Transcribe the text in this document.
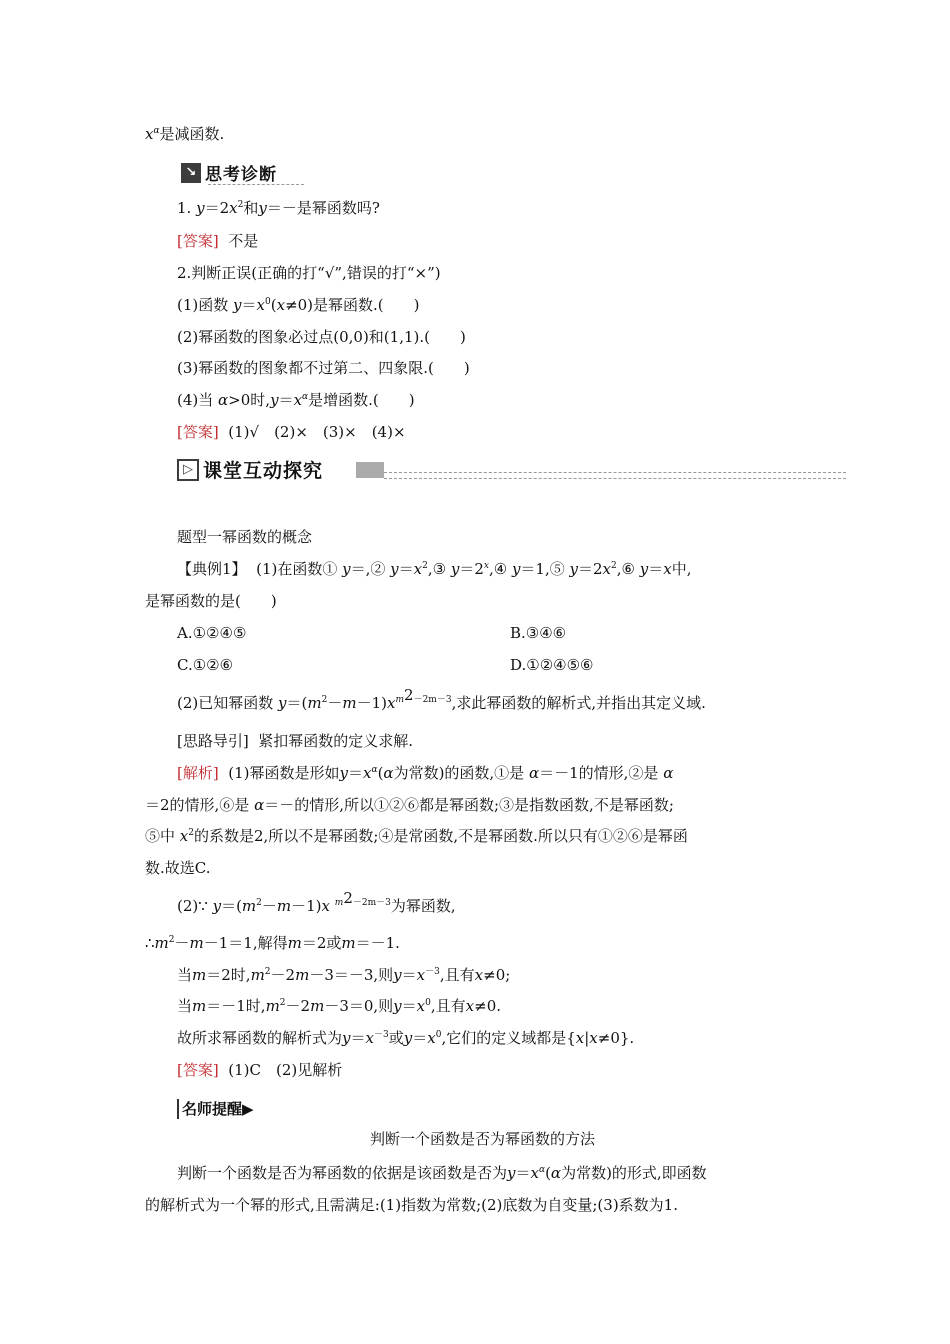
$x^\alpha$是减函数.
↘ 思考诊断
1. $y=2x^2$和y＝－是幂函数吗?
[答案] 不是
2.判断正误(正确的打“√”,错误的打“×”)
(1)函数 $y=x^0(x\ne 0)$是幂函数.(　　)
(2)幂函数的图象必过点(0,0)和(1,1).(　　)
(3)幂函数的图象都不过第二、四象限.(　　)
(4)当 α>0时$,y=x^\alpha$是增函数.(　　)
[答案] (1)√　(2)×　(3)×　(4)×
▷ 课堂互动探究
题型一幂函数的概念
【典例1】 (1)在函数① y＝,② $y=x^2,③$ $y=2^x,④$ y＝1,⑤ $y=2x^2,⑥$ y＝x中,
是幂函数的是(　　)
A.①②④⑤	B.③④⑥
C.①②⑥	D.①②④⑤⑥
(2)已知幂函数 $y=(m^2-m-1)x^m2^{-2m-3}$,求此幂函数的解析式,并指出其定义域.
[思路导引] 紧扣幂函数的定义求解.
[解析] (1)幂函数是形如$y=x^\alpha(\alpha$为常数)的函数,①是 α＝－1的情形,②是 α
＝2的情形,⑥是 α＝－的情形,所以①②⑥都是幂函数;③是指数函数,不是幂函数;
⑤中 $x^2$的系数是2,所以不是幂函数;④是常函数,不是幂函数.所以只有①②⑥是幂函
数.故选C.
(2)∵ $y=(m^2-m-1)x$ $^m2^{-2m-3}$为幂函数,
$\therefore m^2-m-1=1$,解得m＝2或m＝－1.
当m＝2时$,m^2-2m-3=-3$,则$y=x^{-3}$,且有x≠0;
当m＝－1时$,m^2-2m-3=0$,则$y=x^0$,且有x≠0.
故所求幂函数的解析式为$y=x^{-3}$或$y=x^0$,它们的定义域都是{x|x≠0}.
[答案] (1)C　(2)见解析
名师提醒▶
判断一个函数是否为幂函数的方法
判断一个函数是否为幂函数的依据是该函数是否为$y=x^\alpha(\alpha$为常数)的形式,即函数
的解析式为一个幂的形式,且需满足:(1)指数为常数;(2)底数为自变量;(3)系数为1.
